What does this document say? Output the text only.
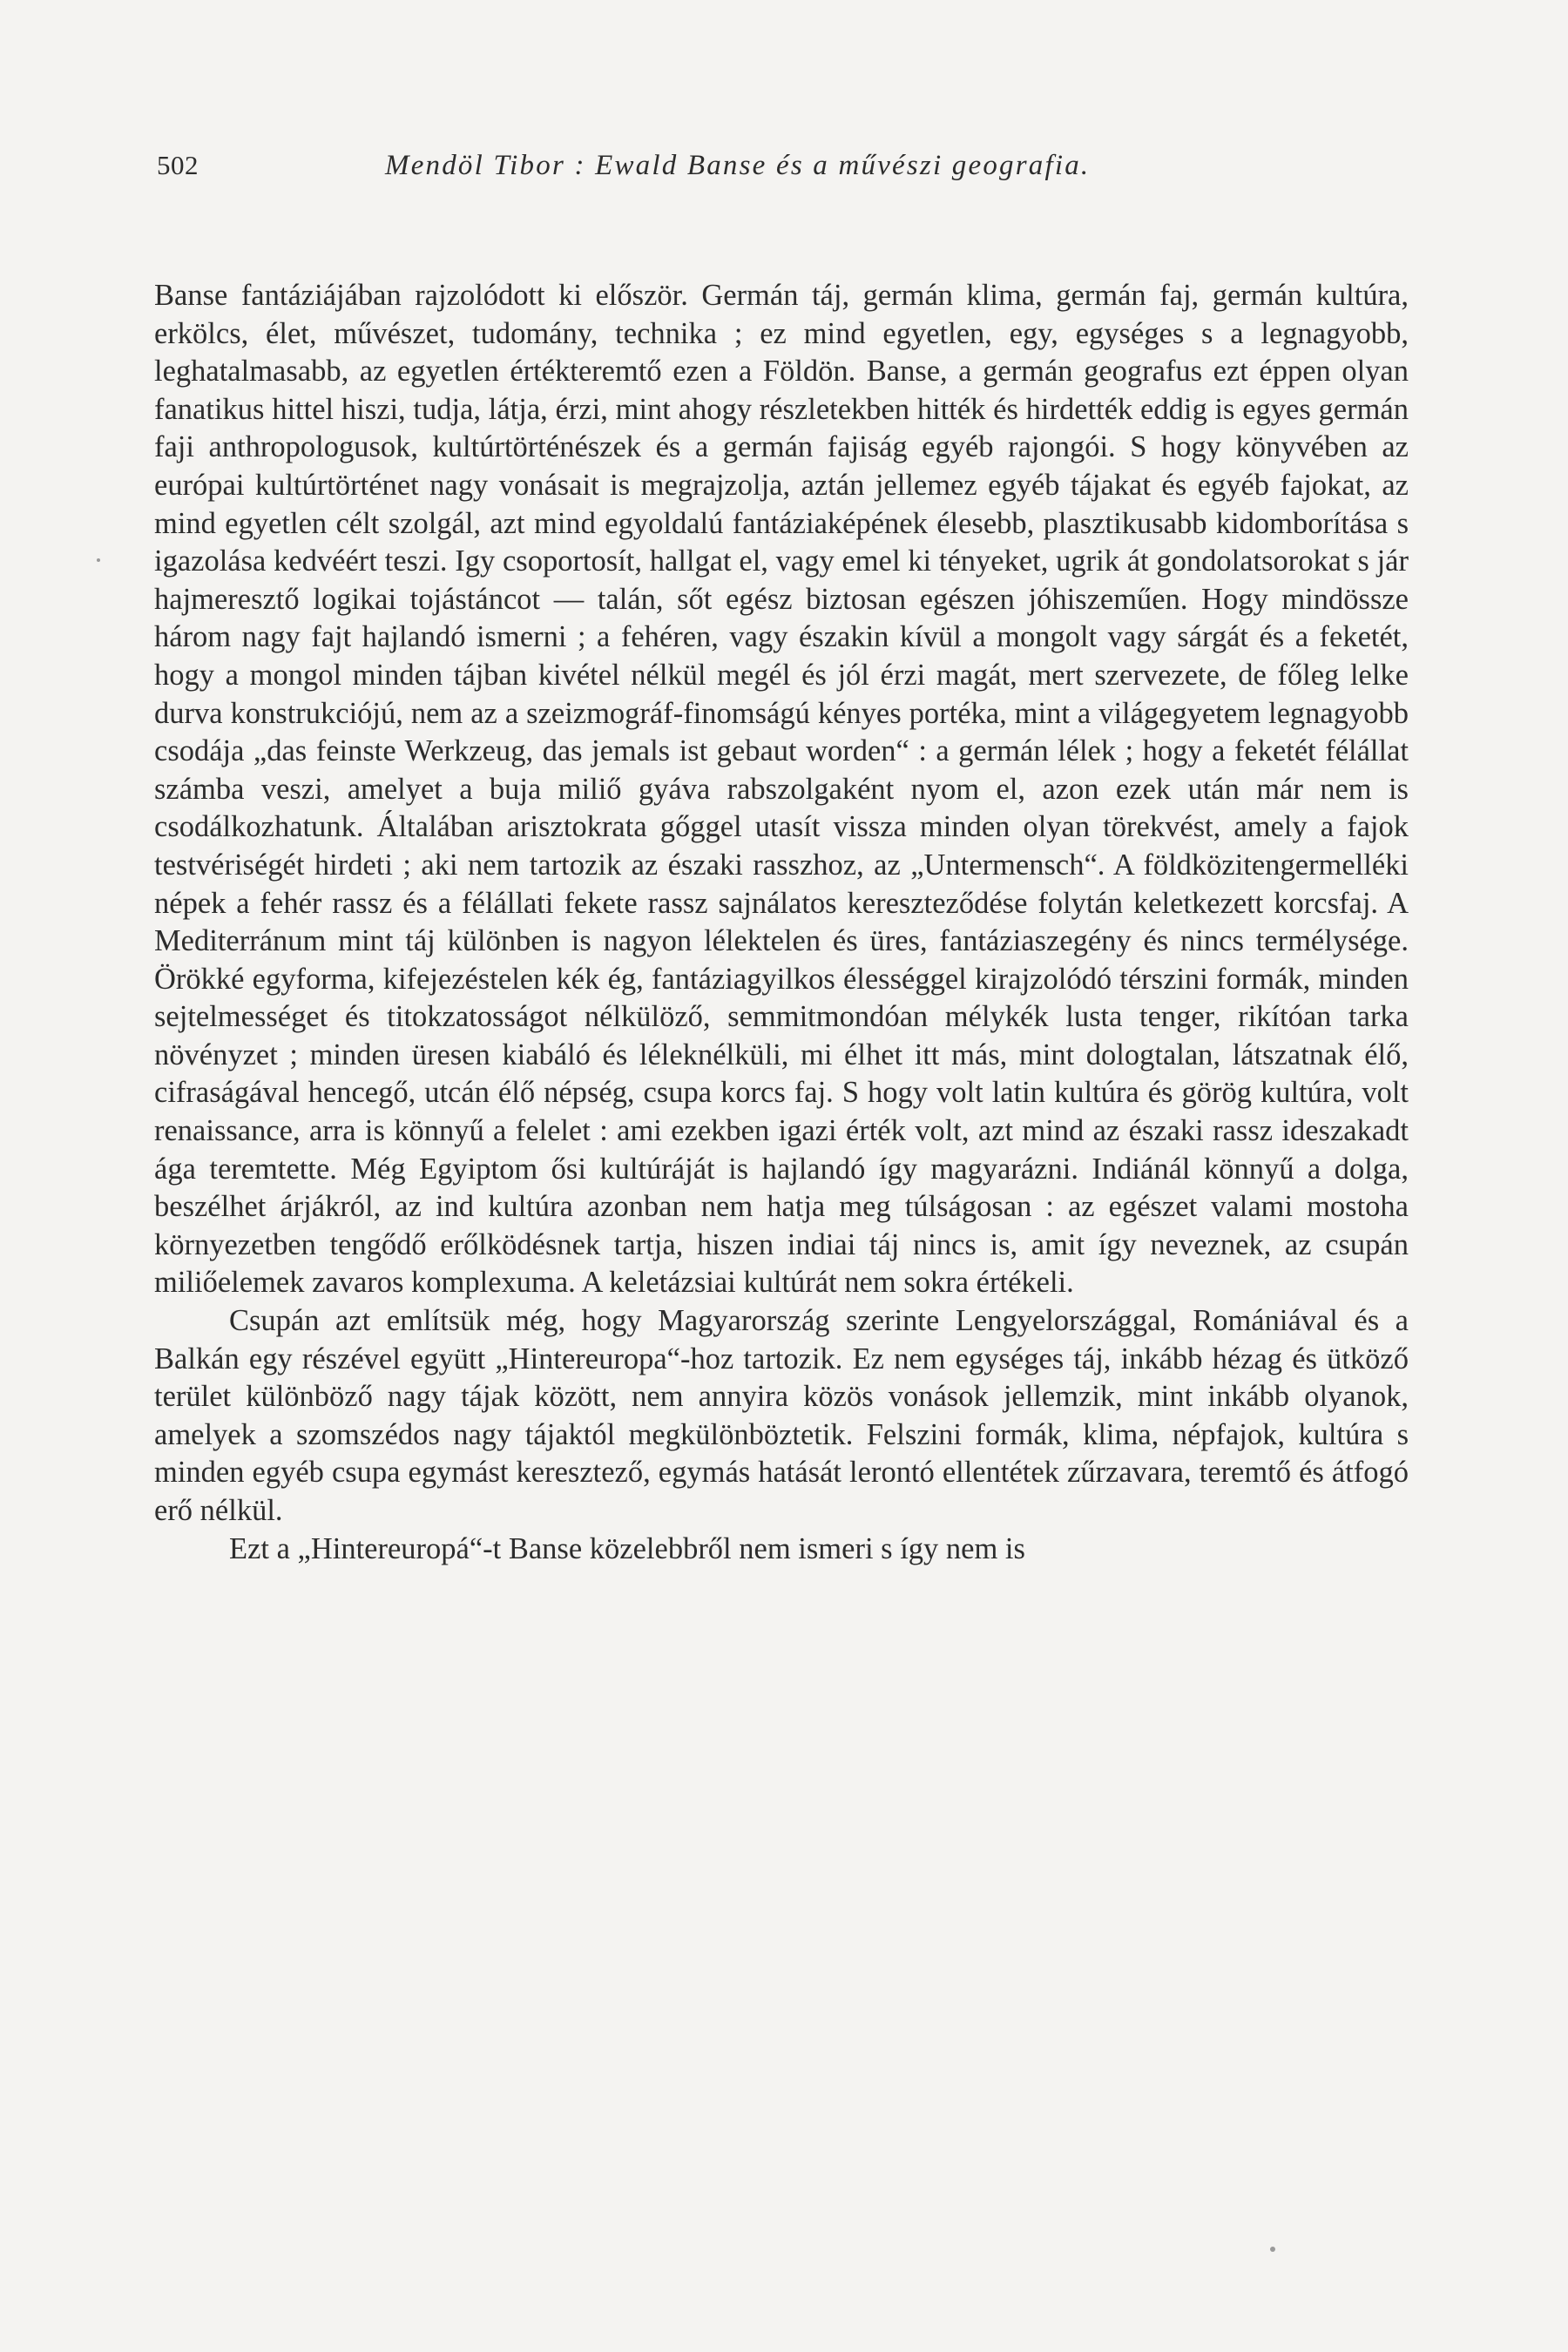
502	Mendöl Tibor : Ewald Banse és a művészi geografia.

Banse fantáziájában rajzolódott ki először. Germán táj, germán klima, germán faj, germán kultúra, erkölcs, élet, művészet, tudomány, technika ; ez mind egyetlen, egy, egységes s a legnagyobb, leghatalmasabb, az egyetlen értékteremtő ezen a Földön. Banse, a germán geografus ezt éppen olyan fanatikus hittel hiszi, tudja, látja, érzi, mint ahogy részletekben hitték és hirdették eddig is egyes germán faji anthropologusok, kultúrtörténészek és a germán fajiság egyéb rajongói. S hogy könyvében az európai kultúrtörténet nagy vonásait is megrajzolja, aztán jellemez egyéb tájakat és egyéb fajokat, az mind egyetlen célt szolgál, azt mind egyoldalú fantáziaképének élesebb, plasztikusabb kidomborítása s igazolása kedvéért teszi. Igy csoportosít, hallgat el, vagy emel ki tényeket, ugrik át gondolatsorokat s jár hajmeresztő logikai tojástáncot — talán, sőt egész biztosan egészen jóhiszeműen. Hogy mindössze három nagy fajt hajlandó ismerni ; a fehéren, vagy északin kívül a mongolt vagy sárgát és a feketét, hogy a mongol minden tájban kivétel nélkül megél és jól érzi magát, mert szervezete, de főleg lelke durva konstrukciójú, nem az a szeizmográf-finomságú kényes portéka, mint a világegyetem legnagyobb csodája „das feinste Werkzeug, das jemals ist gebaut worden“ : a germán lélek ; hogy a feketét félállat számba veszi, amelyet a buja miliő gyáva rabszolgaként nyom el, azon ezek után már nem is csodálkozhatunk. Általában arisztokrata gőggel utasít vissza minden olyan törekvést, amely a fajok testvériségét hirdeti ; aki nem tartozik az északi rasszhoz, az „Untermensch“. A földközitengermelléki népek a fehér rassz és a félállati fekete rassz sajnálatos kereszteződése folytán keletkezett korcsfaj. A Mediterránum mint táj különben is nagyon lélektelen és üres, fantáziaszegény és nincs termélysége. Örökké egyforma, kifejezéstelen kék ég, fantáziagyilkos élességgel kirajzolódó térszini formák, minden sejtelmességet és titokzatosságot nélkülöző, semmitmondóan mélykék lusta tenger, rikítóan tarka növényzet ; minden üresen kiabáló és léleknélküli, mi élhet itt más, mint dologtalan, látszatnak élő, cifraságával hencegő, utcán élő népség, csupa korcs faj. S hogy volt latin kultúra és görög kultúra, volt renaissance, arra is könnyű a felelet : ami ezekben igazi érték volt, azt mind az északi rassz ideszakadt ága teremtette. Még Egyiptom ősi kultúráját is hajlandó így magyarázni. Indiánál könnyű a dolga, beszélhet árjákról, az ind kultúra azonban nem hatja meg túlságosan : az egészet valami mostoha környezetben tengődő erőlködésnek tartja, hiszen indiai táj nincs is, amit így neveznek, az csupán miliőelemek zavaros komplexuma. A keletázsiai kultúrát nem sokra értékeli.

Csupán azt említsük még, hogy Magyarország szerinte Lengyelországgal, Romániával és a Balkán egy részével együtt „Hintereuropa“-hoz tartozik. Ez nem egységes táj, inkább hézag és ütköző terület különböző nagy tájak között, nem annyira közös vonások jellemzik, mint inkább olyanok, amelyek a szomszédos nagy tájaktól megkülönböztetik. Felszini formák, klima, népfajok, kultúra s minden egyéb csupa egymást keresztező, egymás hatását lerontó ellentétek zűrzavara, teremtő és átfogó erő nélkül.

Ezt a „Hintereuropá“-t Banse közelebbről nem ismeri s így nem is
